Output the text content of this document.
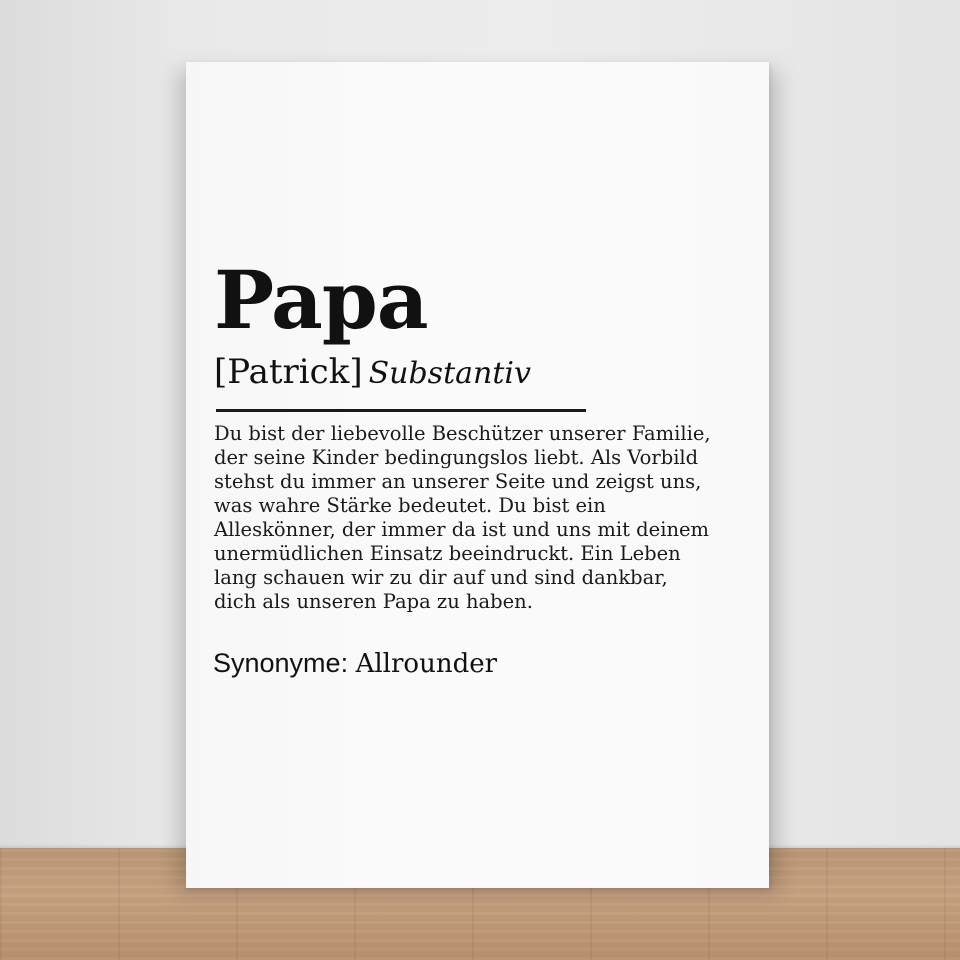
Papa
[Patrick] Substantiv
Du bist der liebevolle Beschützer unserer Familie,
der seine Kinder bedingungslos liebt. Als Vorbild
stehst du immer an unserer Seite und zeigst uns,
was wahre Stärke bedeutet. Du bist ein
Alleskönner, der immer da ist und uns mit deinem
unermüdlichen Einsatz beeindruckt. Ein Leben
lang schauen wir zu dir auf und sind dankbar,
dich als unseren Papa zu haben.
Synonyme: Allrounder
